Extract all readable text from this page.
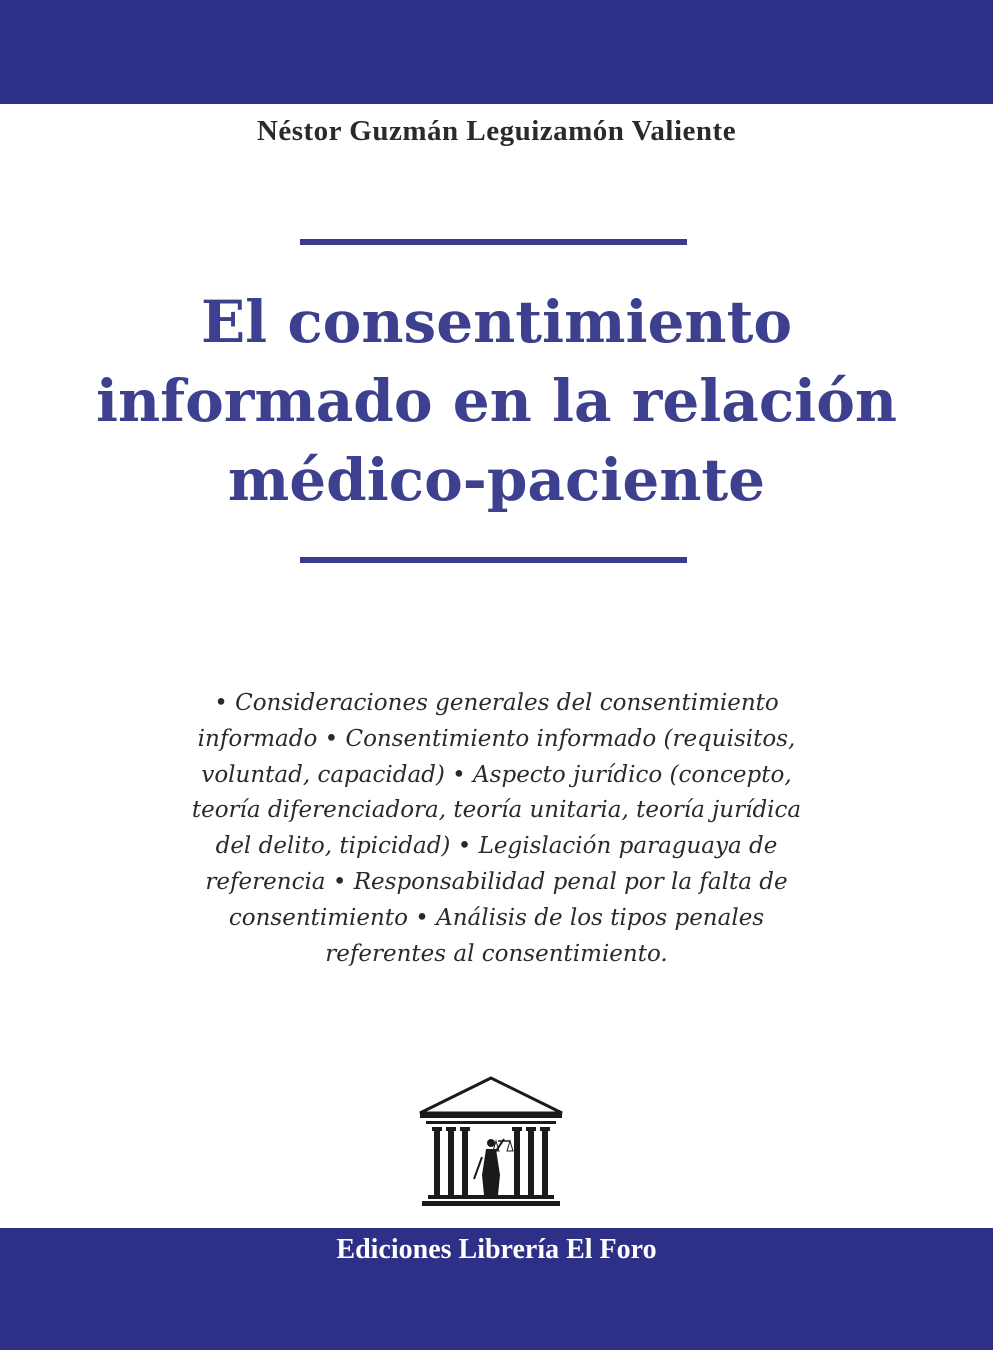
Néstor Guzmán Leguizamón Valiente
El consentimiento
informado en la relación
médico-paciente

• Consideraciones generales del consentimiento
informado • Consentimiento informado (requisitos,
voluntad, capacidad) • Aspecto jurídico (concepto,
teoría diferenciadora, teoría unitaria, teoría jurídica
del delito, tipicidad) • Legislación paraguaya de
referencia • Responsabilidad penal por la falta de
consentimiento • Análisis de los tipos penales
referentes al consentimiento.

Ediciones Librería El Foro
